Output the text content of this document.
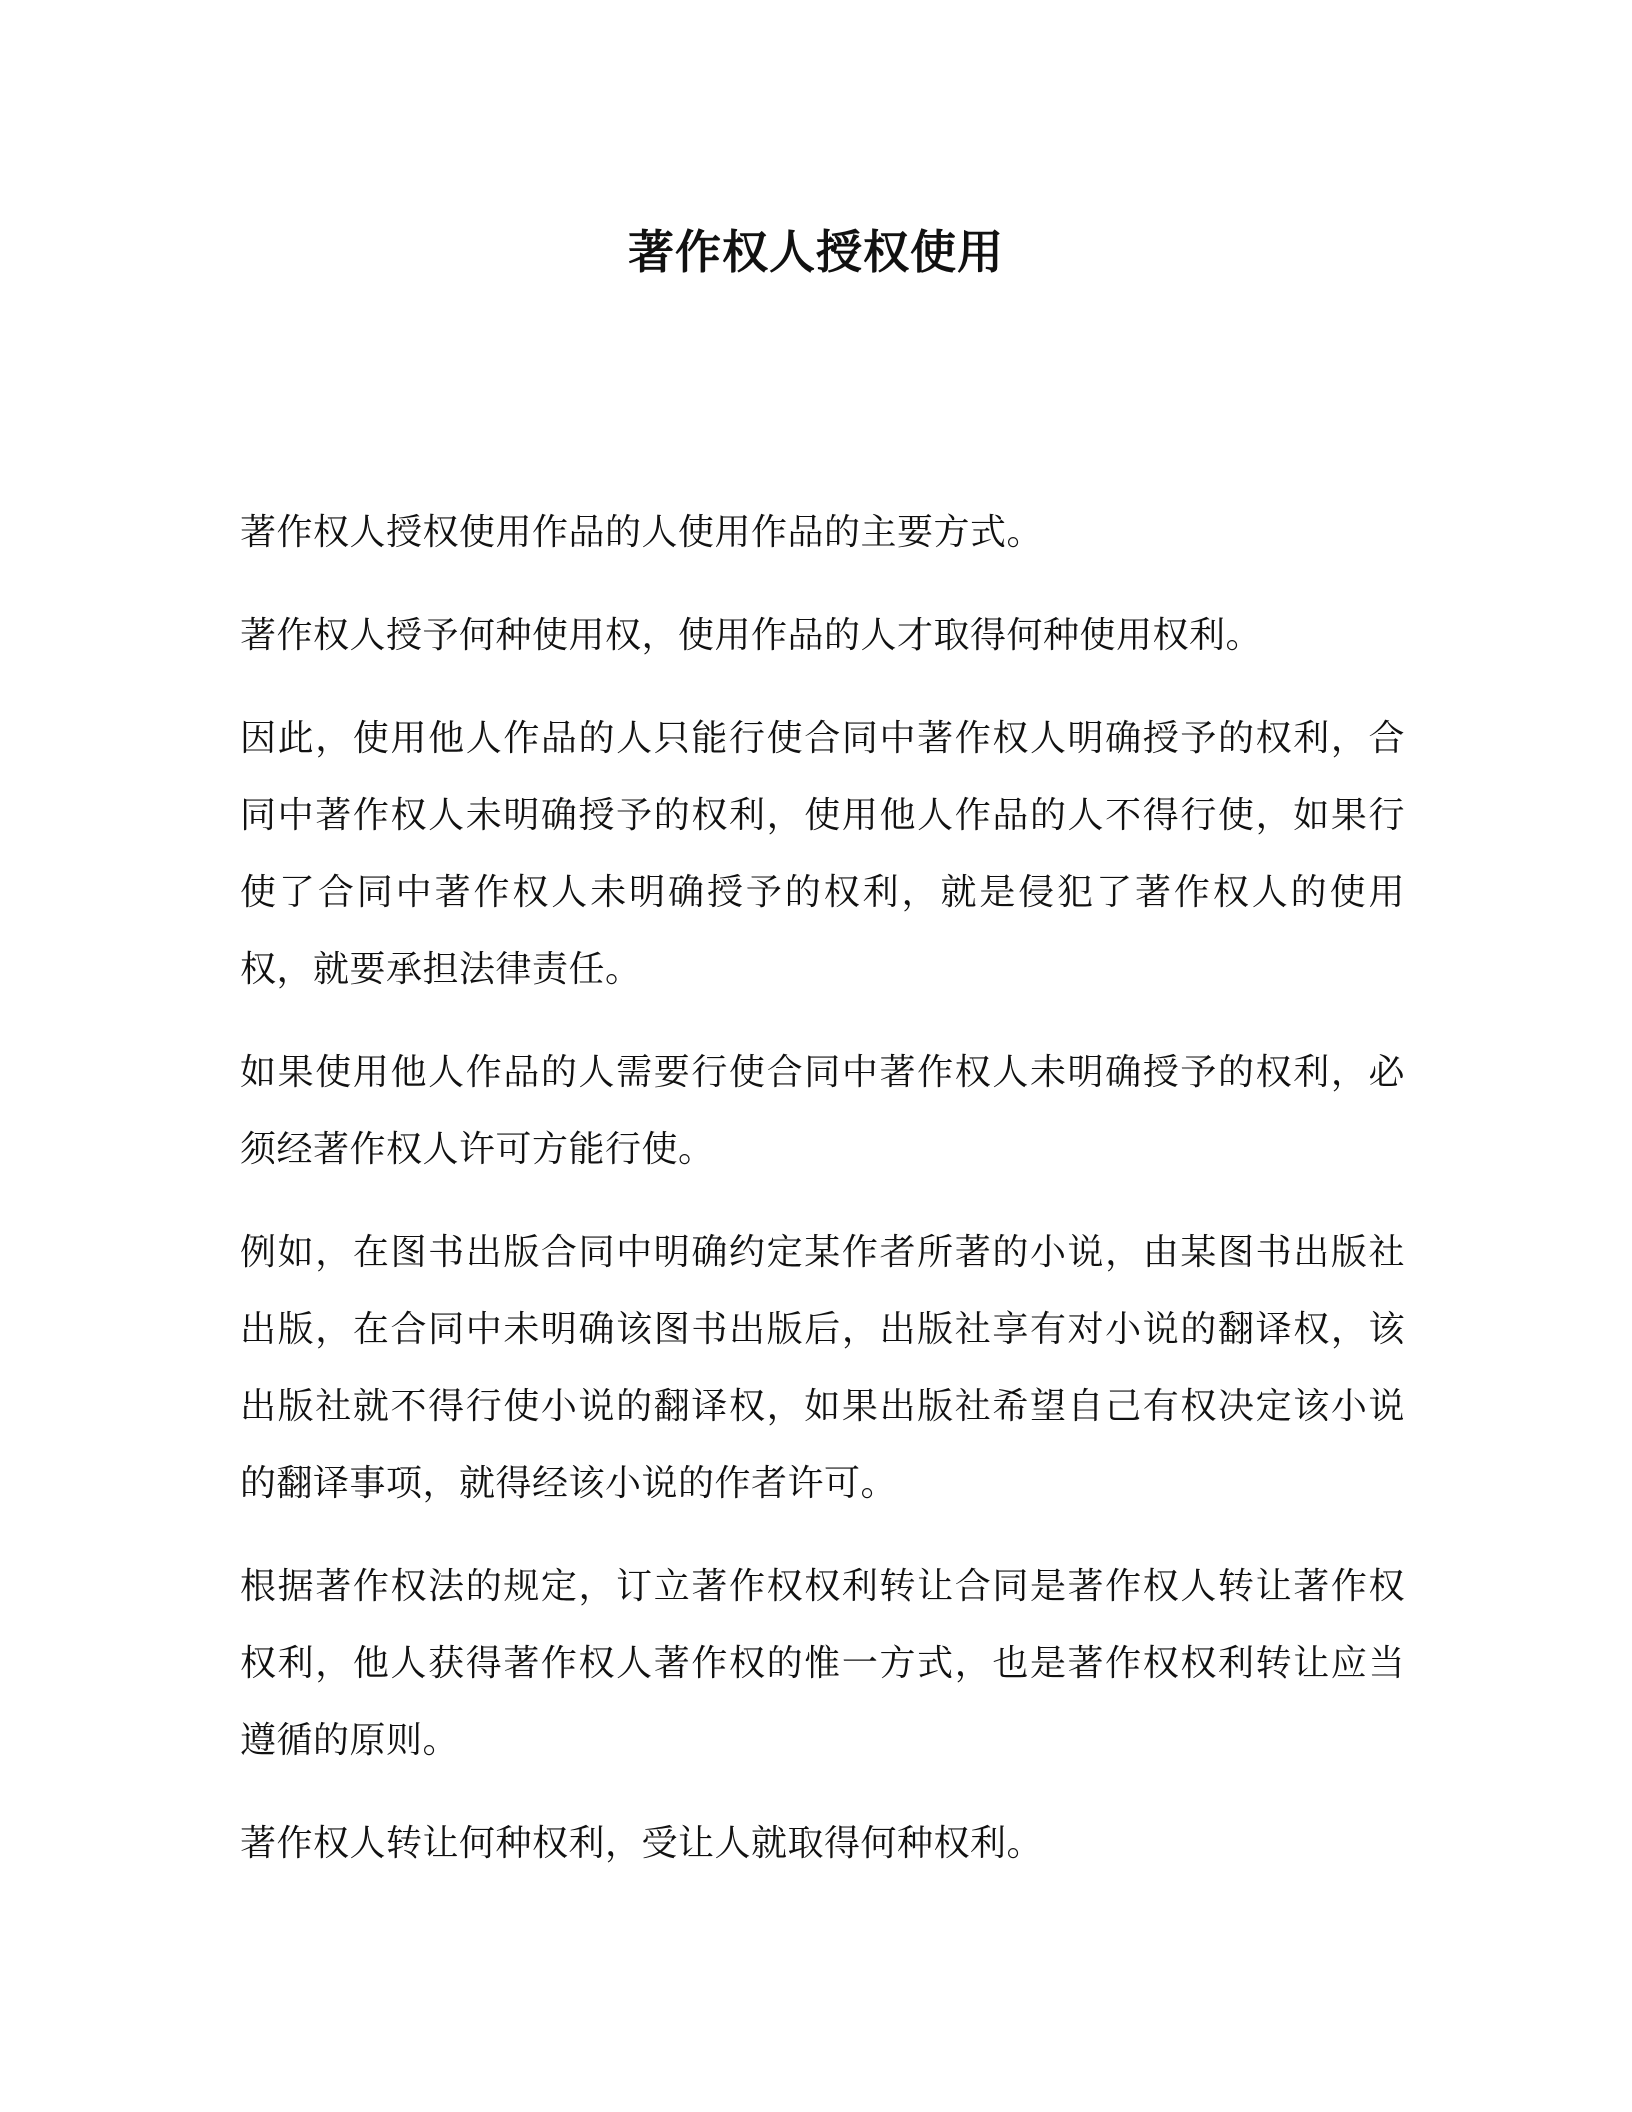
著作权人授权使用

著作权人授权使用作品的人使用作品的主要方式。

著作权人授予何种使用权，使用作品的人才取得何种使用权利。

因此，使用他人作品的人只能行使合同中著作权人明确授予的权利，合同中著作权人未明确授予的权利，使用他人作品的人不得行使，如果行使了合同中著作权人未明确授予的权利，就是侵犯了著作权人的使用权，就要承担法律责任。

如果使用他人作品的人需要行使合同中著作权人未明确授予的权利，必须经著作权人许可方能行使。

例如，在图书出版合同中明确约定某作者所著的小说，由某图书出版社出版，在合同中未明确该图书出版后，出版社享有对小说的翻译权，该出版社就不得行使小说的翻译权，如果出版社希望自己有权决定该小说的翻译事项，就得经该小说的作者许可。

根据著作权法的规定，订立著作权权利转让合同是著作权人转让著作权权利，他人获得著作权人著作权的惟一方式，也是著作权权利转让应当遵循的原则。

著作权人转让何种权利，受让人就取得何种权利。
